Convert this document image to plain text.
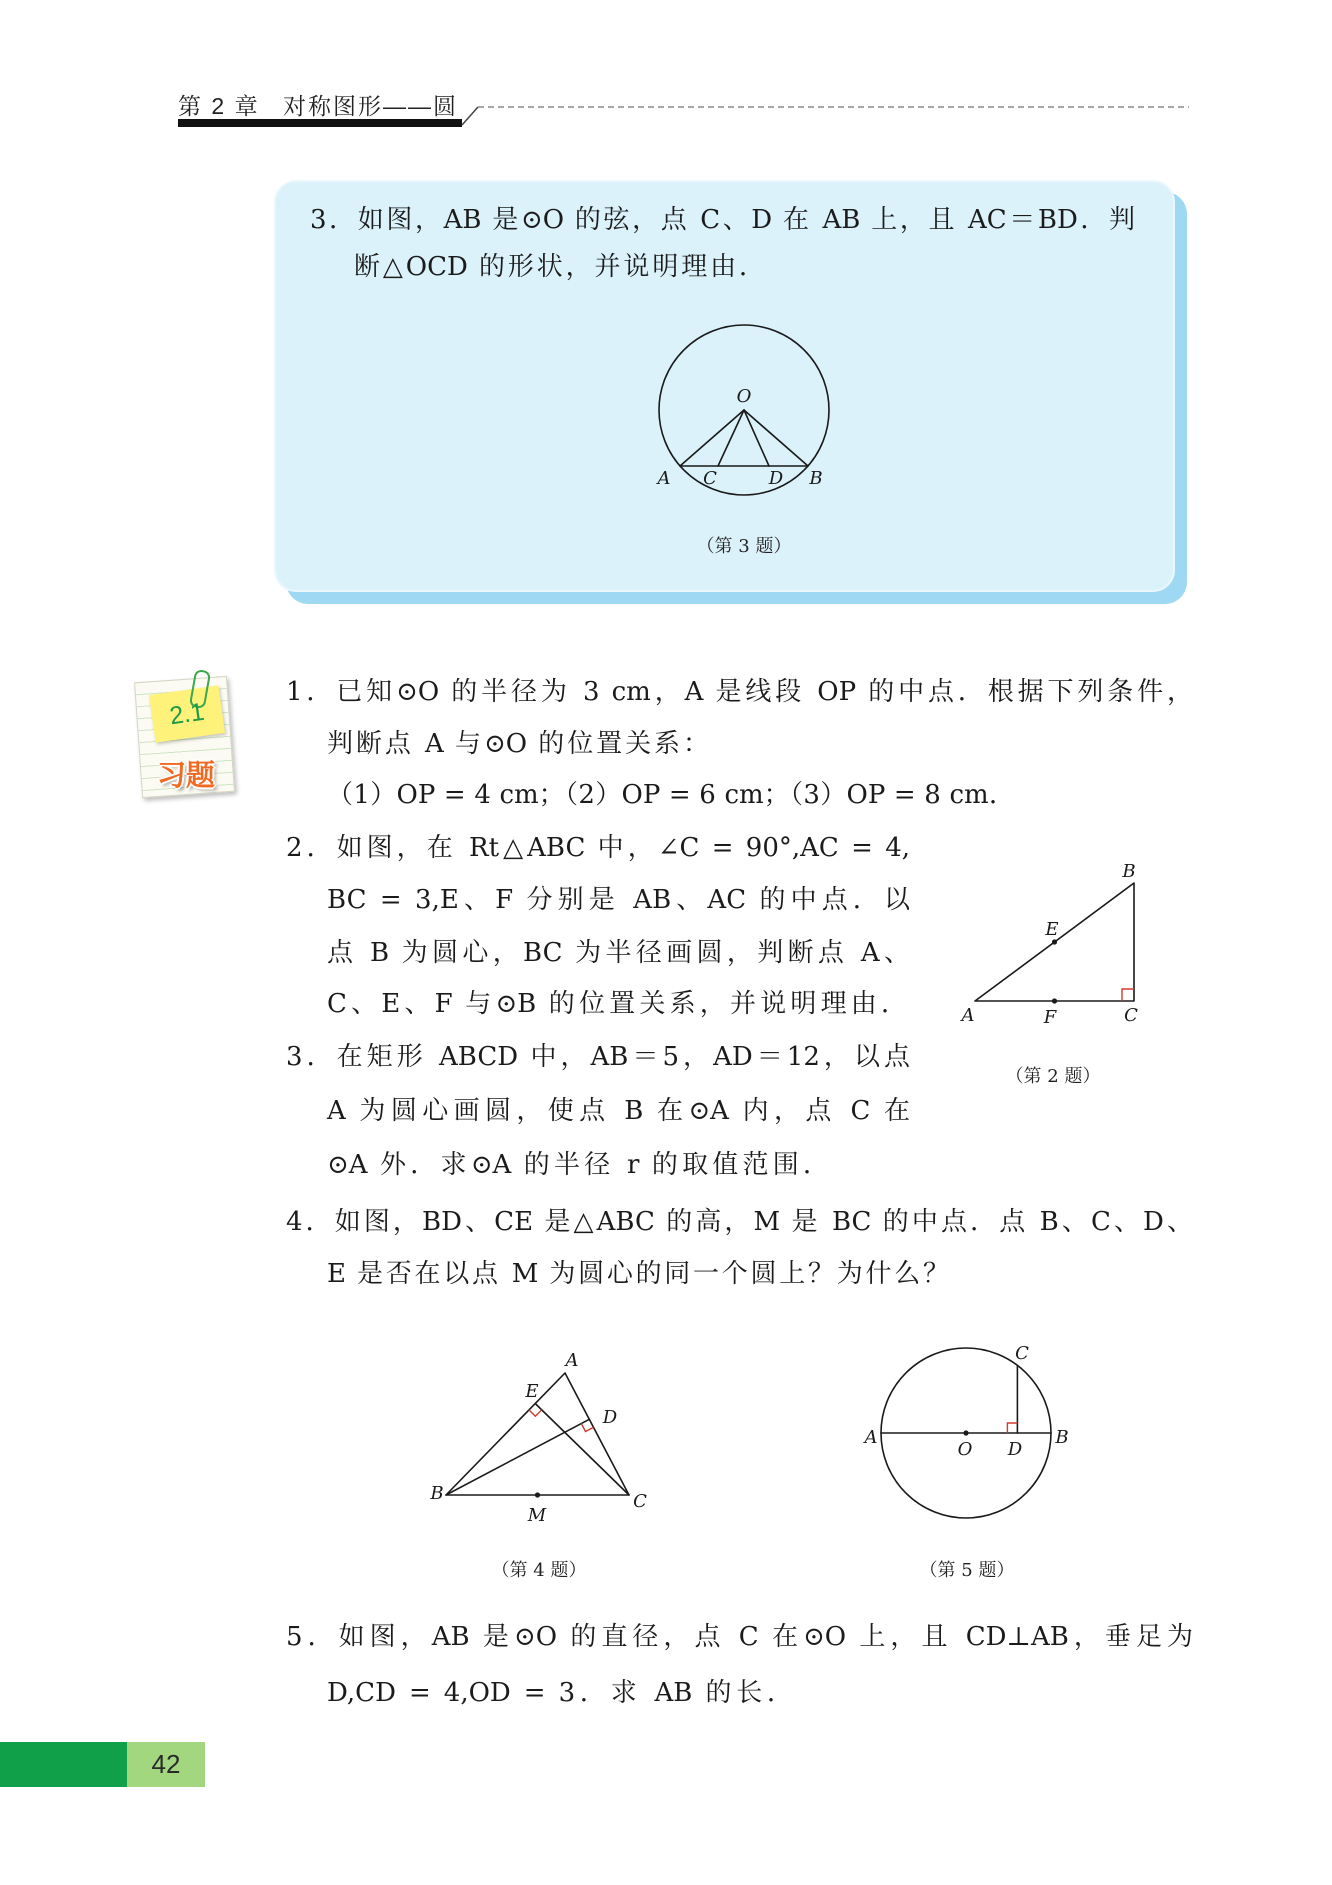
第 2 章 对称图形——圆
3．如图，AB 是⊙O 的弦，点 C、D 在 AB 上，且 AC＝BD．判
断△OCD 的形状，并说明理由．
O
A C	D B
（第 3 题）
2.1
习题
1．已知⊙O 的半径为 3 cm，A 是线段 OP 的中点．根据下列条件，
判断点 A 与⊙O 的位置关系：
（1）OP = 4 cm；（2）OP = 6 cm；（3）OP = 8 cm．
2．如图，在 Rt△ABC 中，∠C = 90°,AC = 4,
BC = 3,E、F 分别是 AB、AC 的中点．以
点 B 为圆心，BC 为半径画圆，判断点 A、
C、E、F 与⊙B 的位置关系，并说明理由．
B
E
A	F	C
（第 2 题）
3．在矩形 ABCD 中，AB＝5，AD＝12，以点
A 为圆心画圆，使点 B 在⊙A 内，点 C 在
⊙A 外．求⊙A 的半径 r 的取值范围．
4．如图，BD、CE 是△ABC 的高，M 是 BC 的中点．点 B、C、D、
E 是否在以点 M 为圆心的同一个圆上？为什么？
A
E
D
B
M
C
（第 4 题）
C
A
O D
B
（第 5 题）
5．如图，AB 是⊙O 的直径，点 C 在⊙O 上，且 CD⊥AB，垂足为
D,CD = 4,OD = 3．求 AB 的长．
42
